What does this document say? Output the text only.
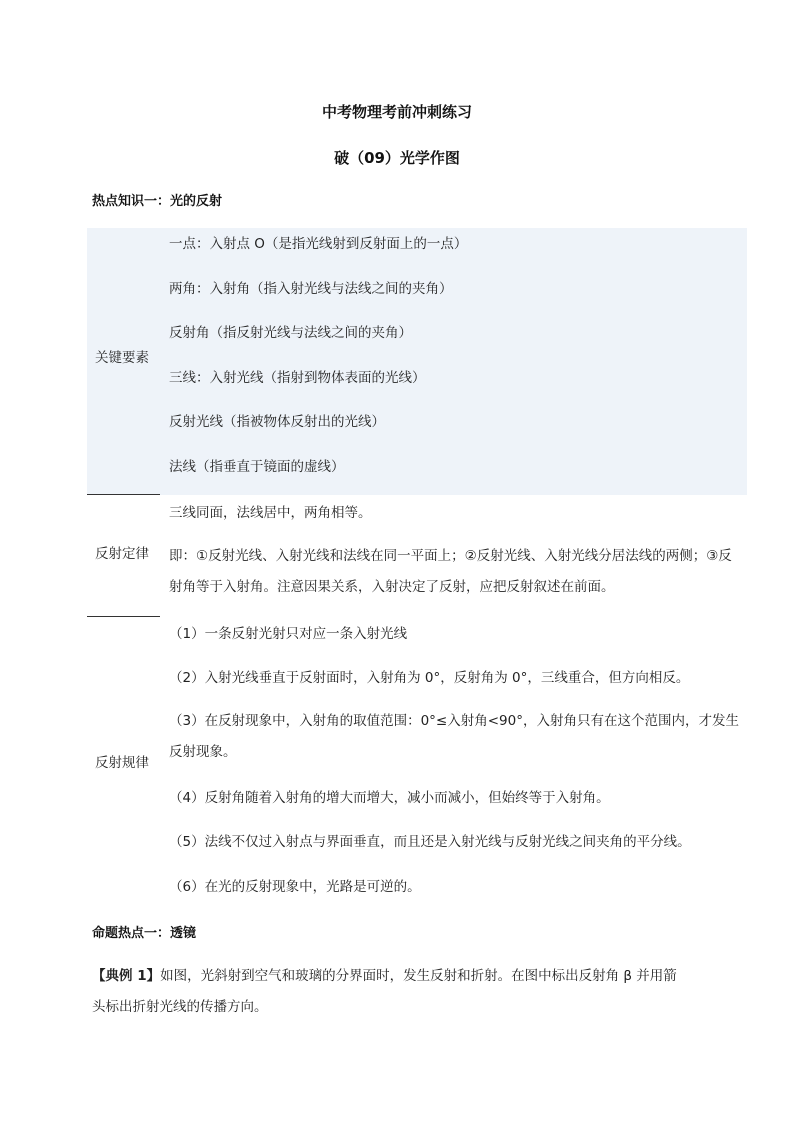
中考物理考前冲刺练习
破（09）光学作图
热点知识一：光的反射
关键要素
一点：入射点 O（是指光线射到反射面上的一点）
两角：入射角（指入射光线与法线之间的夹角）
反射角（指反射光线与法线之间的夹角）
三线：入射光线（指射到物体表面的光线）
反射光线（指被物体反射出的光线）
法线（指垂直于镜面的虚线）
反射定律
三线同面，法线居中，两角相等。
即：①反射光线、入射光线和法线在同一平面上；②反射光线、入射光线分居法线的两侧；③反射角等于入射角。注意因果关系，入射决定了反射，应把反射叙述在前面。
反射规律
（1）一条反射光射只对应一条入射光线
（2）入射光线垂直于反射面时，入射角为 0°，反射角为 0°，三线重合，但方向相反。
（3）在反射现象中，入射角的取值范围：0°≤入射角<90°，入射角只有在这个范围内，才发生反射现象。
（4）反射角随着入射角的增大而增大，减小而减小，但始终等于入射角。
（5）法线不仅过入射点与界面垂直，而且还是入射光线与反射光线之间夹角的平分线。
（6）在光的反射现象中，光路是可逆的。
命题热点一：透镜
【典例 1】如图，光斜射到空气和玻璃的分界面时，发生反射和折射。在图中标出反射角 β 并用箭
头标出折射光线的传播方向。
